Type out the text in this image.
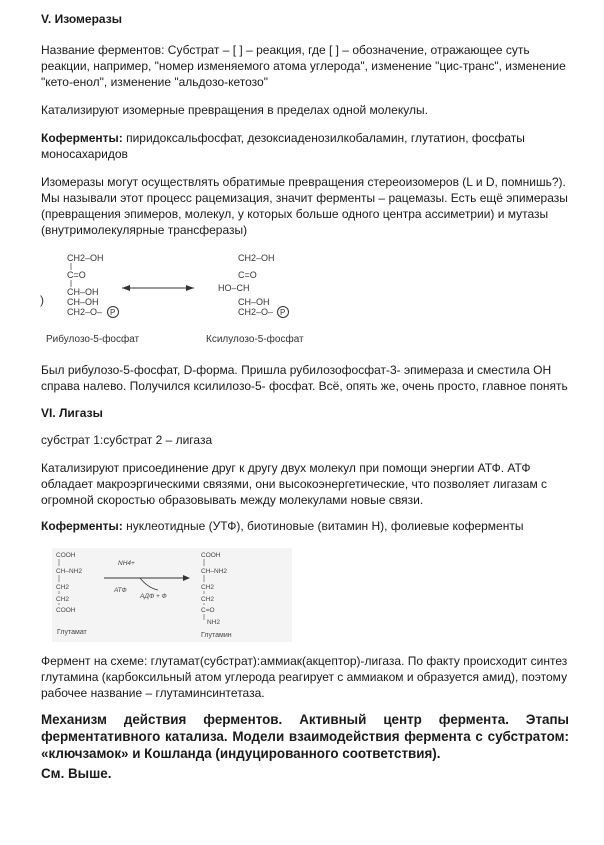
V. Изомеразы

Название ферментов: Субстрат – [ ] – реакция, где [ ] – обозначение, отражающее суть реакции, например, "номер изменяемого атома углерода", изменение "цис-транс", изменение "кето-енол", изменение "альдозо-кетозо"

Катализируют изомерные превращения в пределах одной молекулы.

Коферменты: пиридоксальфосфат, дезоксиаденозилкобаламин, глутатион, фосфаты моносахаридов

Изомеразы могут осуществлять обратимые превращения стереоизомеров (L и D, помнишь?). Мы называли этот процесс рацемизация, значит ферменты – рацемазы. Есть ещё эпимеразы (превращения эпимеров, молекул, у которых больше одного центра ассиметрии) и мутазы (внутримолекулярные трансферазы)

)
CH2–OH
C=O
CH–OH
CH–OH
CH2–O– P
CH2–OH
C=O
HO–CH
CH–OH
CH2–O– P
Рибулозо-5-фосфат	Ксилулозо-5-фосфат

Был рибулозо-5-фосфат, D-форма. Пришла рубилозофосфат-3- эпимераза и сместила ОН справа налево. Получился ксилилозо-5- фосфат. Всё, опять же, очень просто, главное понять

VI. Лигазы

субстрат 1:субстрат 2 – лигаза

Катализируют присоединение друг к другу двух молекул при помощи энергии АТФ. АТФ обладает макроэргическими связями, они высокоэнергетические, что позволяет лигазам с огромной скоростью образовывать между молекулами новые связи.

Коферменты: нуклеотидные (УТФ), биотиновые (витамин Н), фолиевые коферменты

COOH
CH–NH2
CH2
CH2
COOH
NH4+
АТФ
АДФ + Ф
COOH
CH–NH2
CH2
CH2
C=O
NH2
Глутамат	Глутамин

Фермент на схеме: глутамат(субстрат):аммиак(акцептор)-лигаза. По факту происходит синтез глутамина (карбоксильный атом углерода реагирует с аммиаком и образуется амид), поэтому рабочее название – глутаминсинтетаза.

Механизм действия ферментов. Активный центр фермента. Этапы ферментативного катализа. Модели взаимодействия фермента с субстратом: «ключзамок» и Кошланда (индуцированного соответствия).

См. Выше.
